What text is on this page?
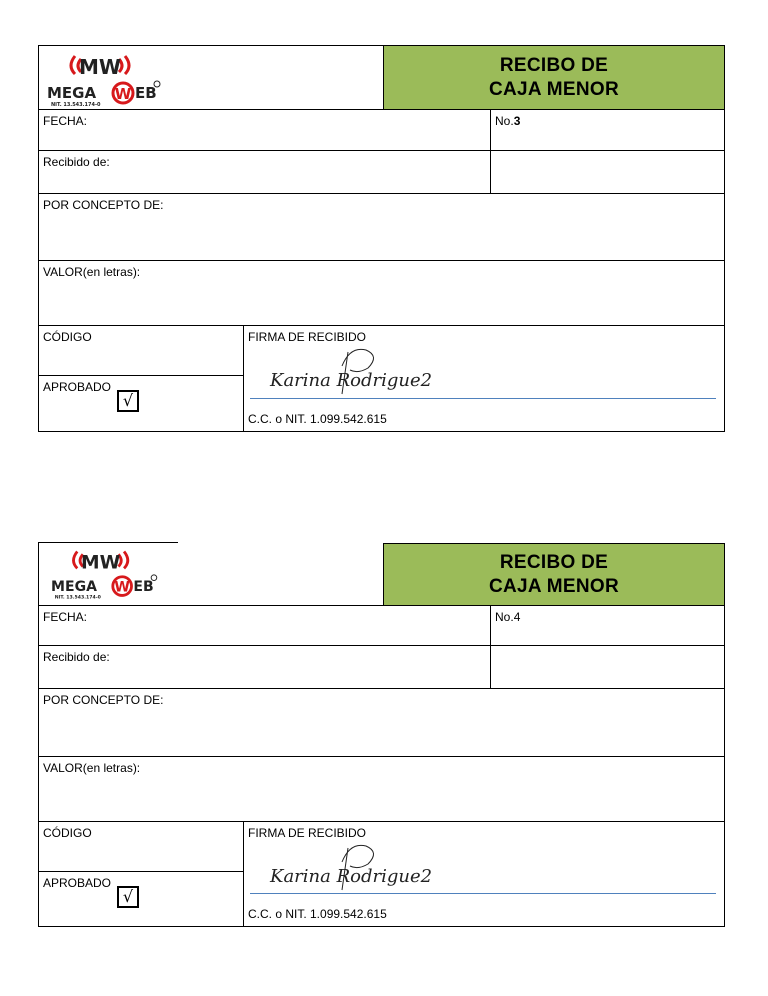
MW
MEGA W EB
NIT. 13.543.174-0
RECIBO DE
CAJA MENOR
FECHA:	No.3
Recibido de:
POR CONCEPTO DE:
VALOR(en letras):
CÓDIGO
APROBADO
√
FIRMA DE RECIBIDO
Karina Rodrigue2
C.C. o NIT. 1.099.542.615
MW
MEGA W EB
NIT. 13.543.174-0
RECIBO DE
CAJA MENOR
FECHA:	No.4
Recibido de:
POR CONCEPTO DE:
VALOR(en letras):
CÓDIGO
APROBADO
√
FIRMA DE RECIBIDO
Karina Rodrigue2
C.C. o NIT. 1.099.542.615
